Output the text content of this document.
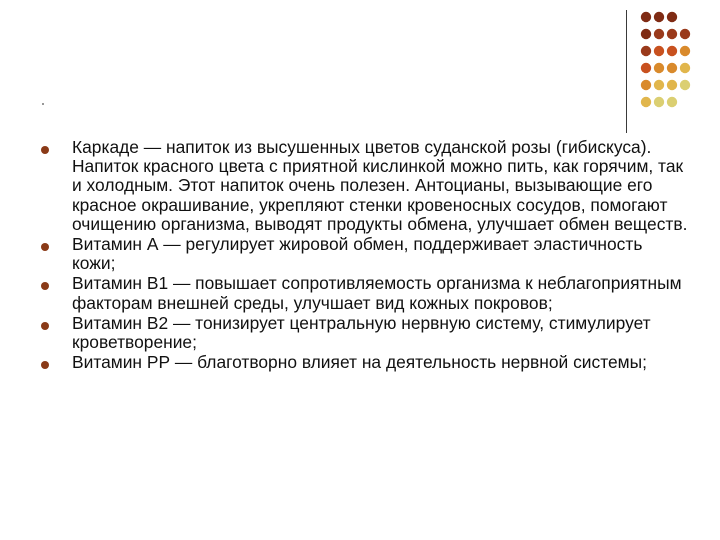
Каркаде — напиток из высушенных цветов суданской розы (гибискуса). Напиток красного цвета с приятной кислинкой можно пить, как горячим, так и холодным. Этот напиток очень полезен. Антоцианы, вызывающие его красное окрашивание, укрепляют стенки кровеносных сосудов, помогают очищению организма, выводят продукты обмена, улучшает обмен веществ.
Витамин А — регулирует жировой обмен, поддерживает эластичность кожи;
Витамин В1 — повышает сопротивляемость организма к неблагоприятным факторам внешней среды, улучшает вид кожных покровов;
Витамин В2 — тонизирует центральную нервную систему, стимулирует кроветворение;
Витамин РР — благотворно влияет на деятельность нервной системы;
